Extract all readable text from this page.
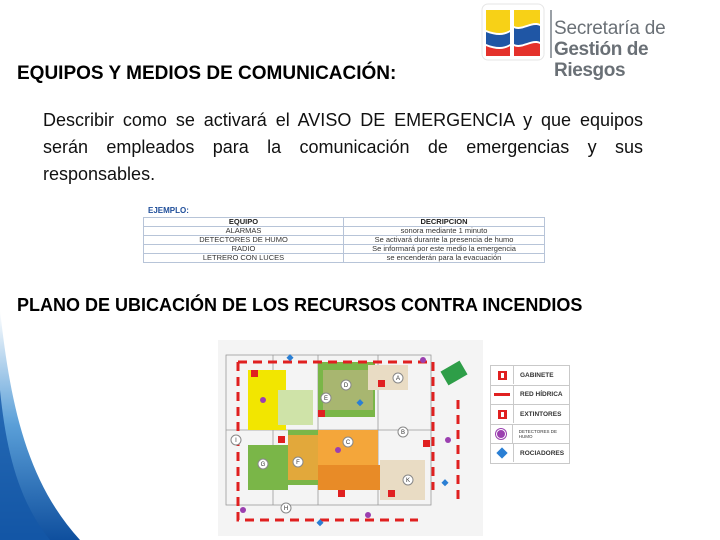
Secretaría de
Gestión de Riesgos
EQUIPOS Y MEDIOS DE COMUNICACIÓN:
Describir como se activará el AVISO DE EMERGENCIA y que equipos serán empleados para la comunicación de emergencias y sus responsables.
EJEMPLO:
EQUIPO	DECRIPCION
ALARMAS	sonora mediante 1 minuto
DETECTORES DE HUMO	Se activará durante la presencia de humo
RADIO	Se informará por este medio la emergencia
LETRERO CON LUCES	se encenderán para la evacuación
PLANO DE UBICACIÓN DE LOS RECURSOS CONTRA INCENDIOS
A
B
C
D
E
F
G
H
I
K
GABINETE
RED HÍDRICA
EXTINTORES
DETECTORES DE HUMO
ROCIADORES
